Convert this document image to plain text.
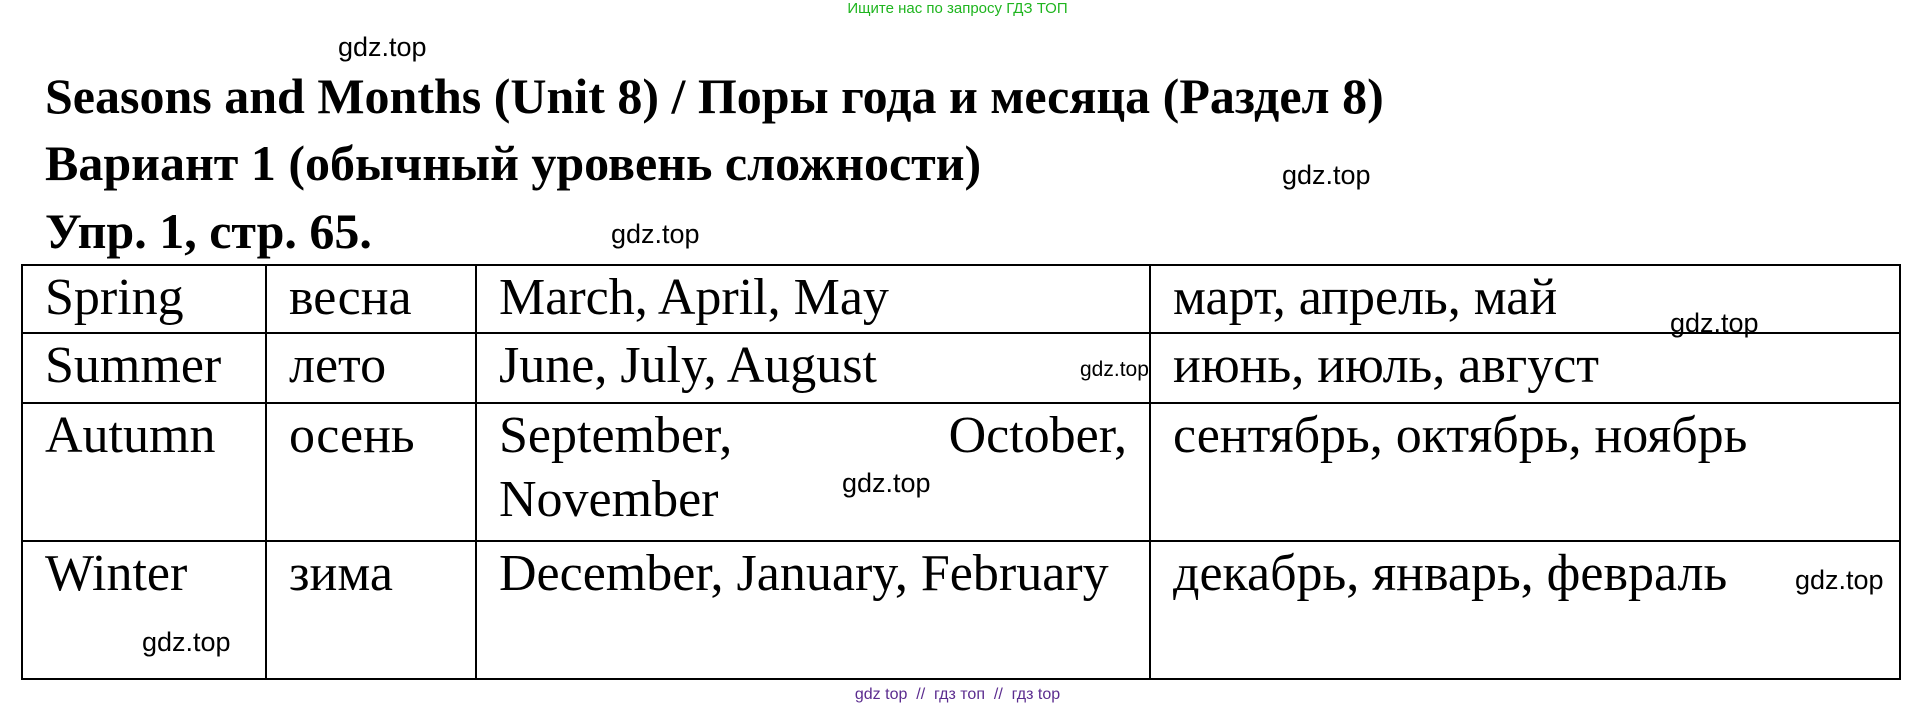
Ищите нас по запросу ГДЗ ТОП
Seasons and Months (Unit 8) / Поры года и месяца (Раздел 8)
Вариант 1 (обычный уровень сложности)
Упр. 1, стр. 65.
Spring	весна	March, April, May	март, апрель, май
Summer	лето	June, July, August	июнь, июль, август
Autumn	осень	September, October, November	сентябрь, октябрь, ноябрь
Winter	зима	December, January, February	декабрь, январь, февраль
gdz.top
gdz.top
gdz.top
gdz.top
gdz.top
gdz.top
gdz.top
gdz.top
gdz top  //  гдз топ  //  гдз top
